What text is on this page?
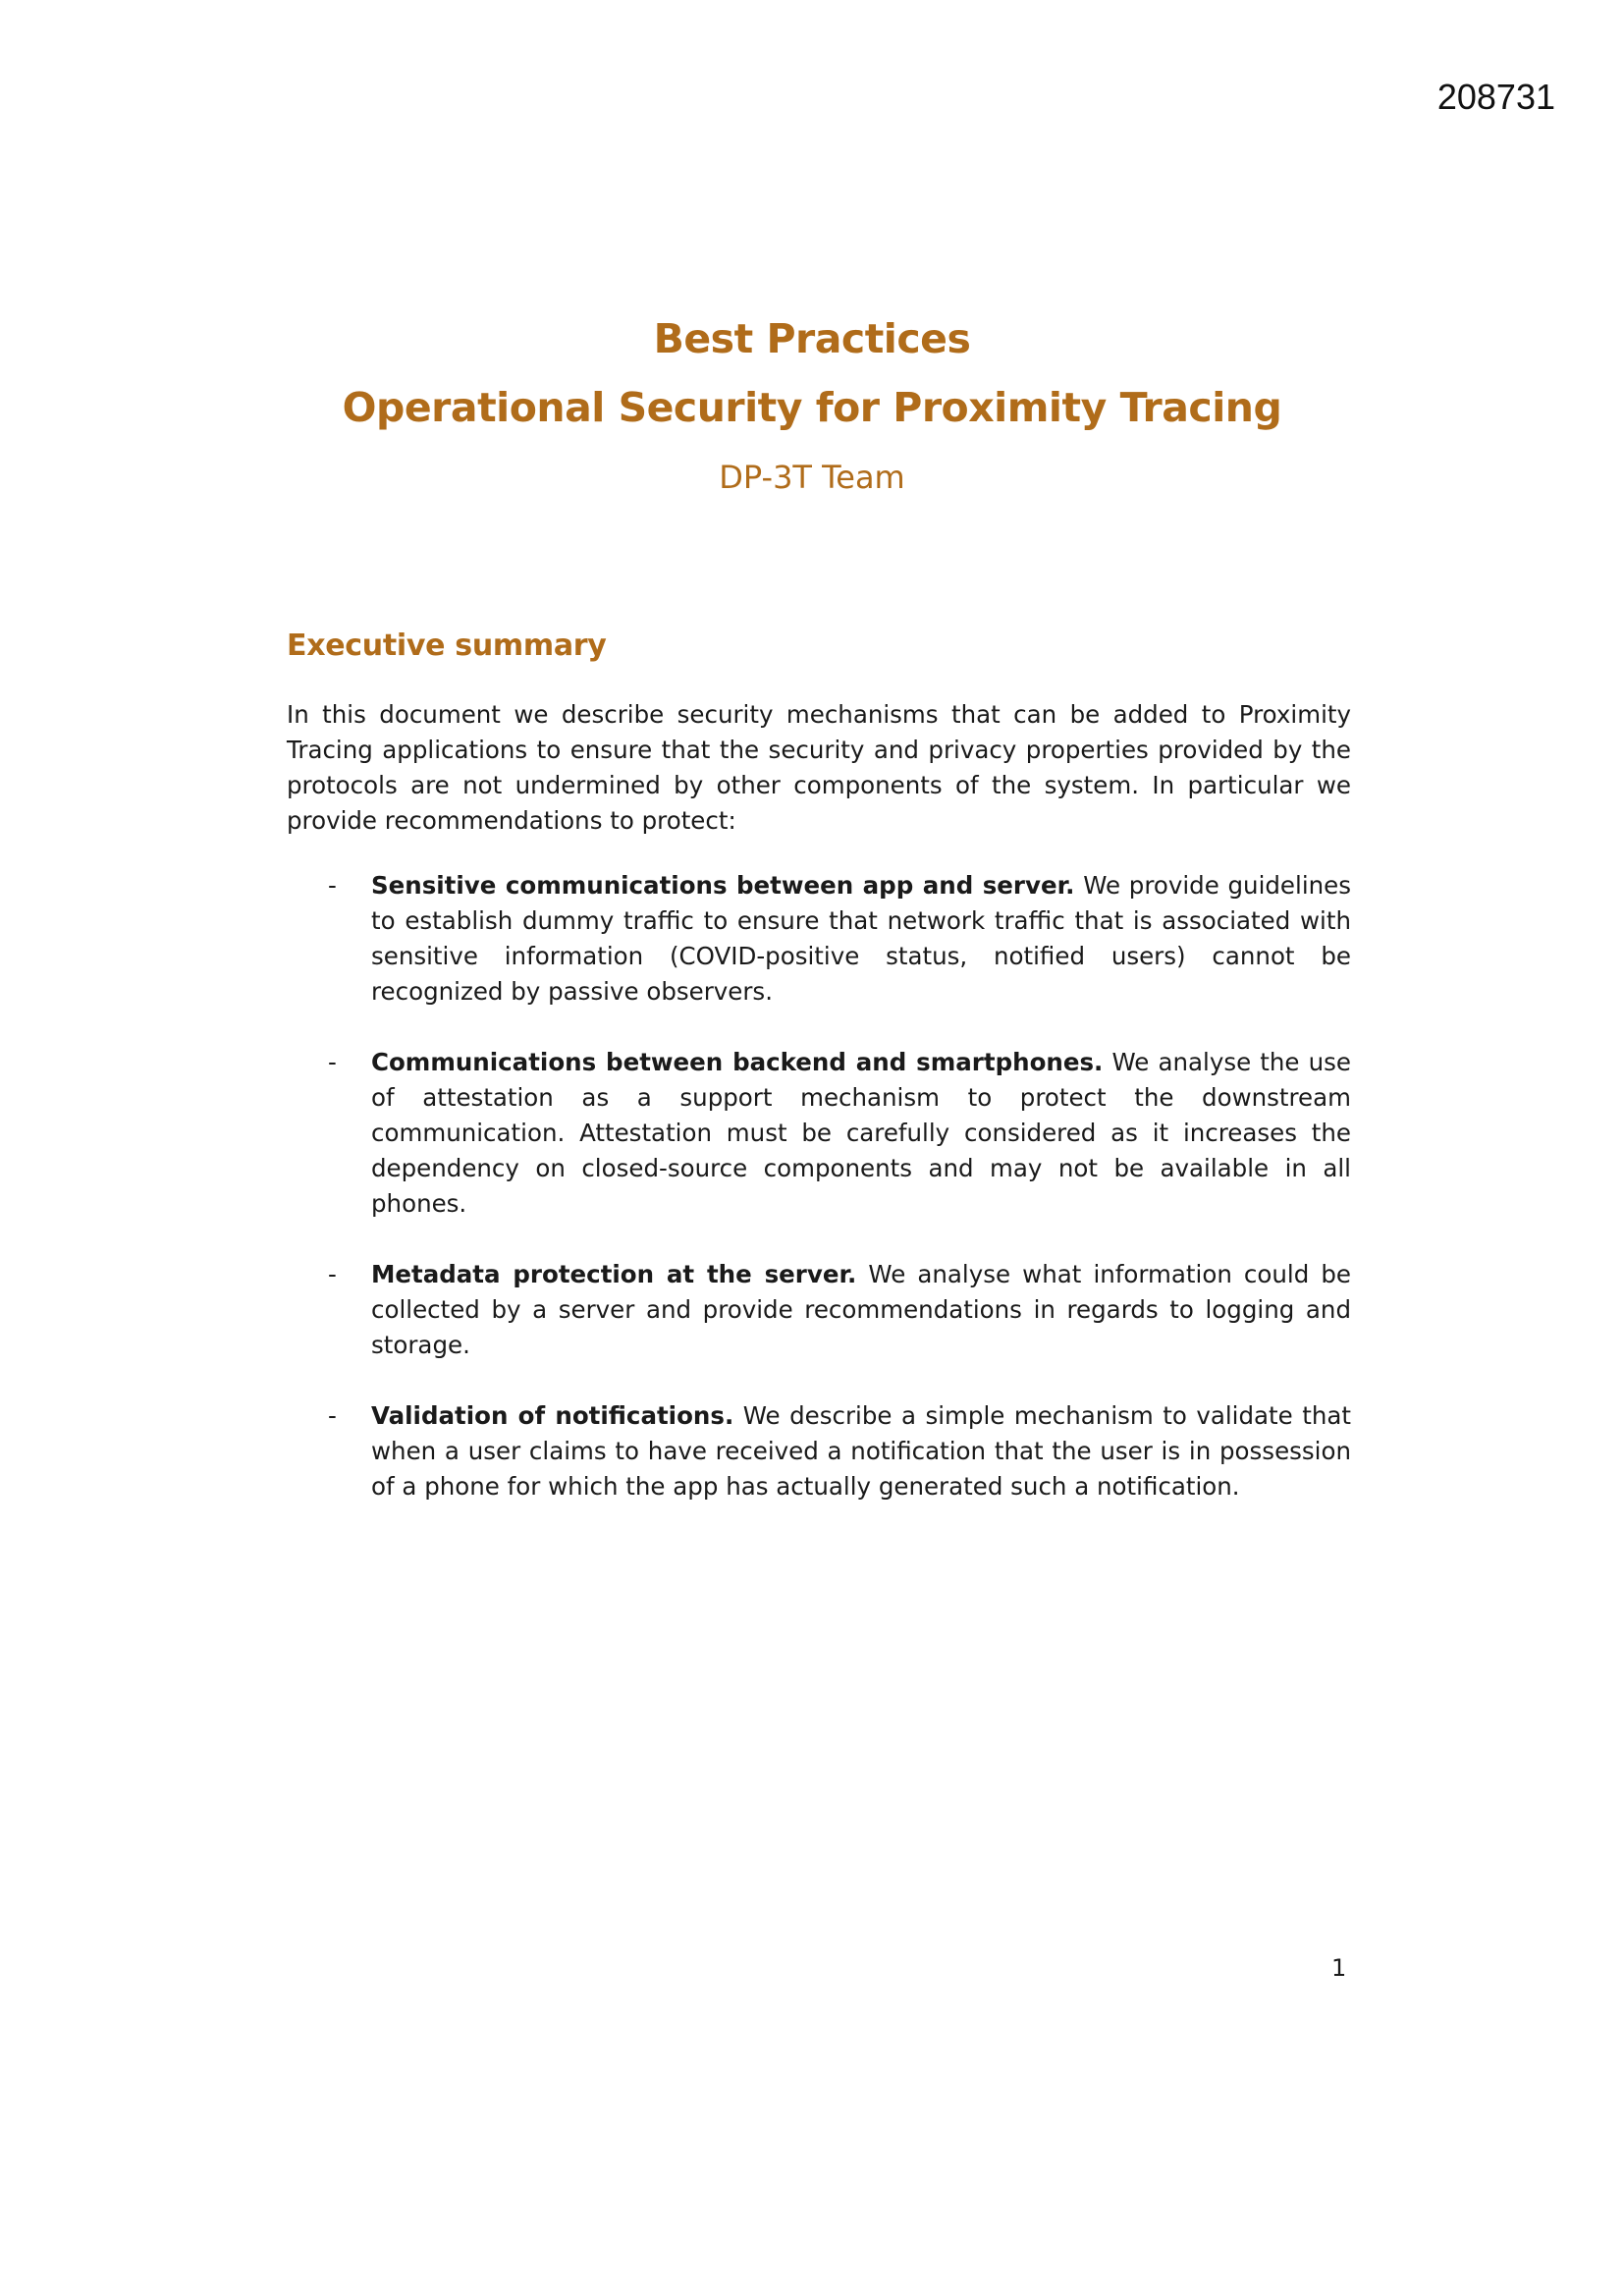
208731
Best Practices
Operational Security for Proximity Tracing
DP-3T Team
Executive summary

In this document we describe security mechanisms that can be added to Proximity Tracing applications to ensure that the security and privacy properties provided by the protocols are not undermined by other components of the system. In particular we provide recommendations to protect:

- Sensitive communications between app and server. We provide guidelines to establish dummy traffic to ensure that network traffic that is associated with sensitive information (COVID-positive status, notified users) cannot be recognized by passive observers.
- Communications between backend and smartphones. We analyse the use of attestation as a support mechanism to protect the downstream communication. Attestation must be carefully considered as it increases the dependency on closed-source components and may not be available in all phones.
- Metadata protection at the server. We analyse what information could be collected by a server and provide recommendations in regards to logging and storage.
- Validation of notifications. We describe a simple mechanism to validate that when a user claims to have received a notification that the user is in possession of a phone for which the app has actually generated such a notification.
1
